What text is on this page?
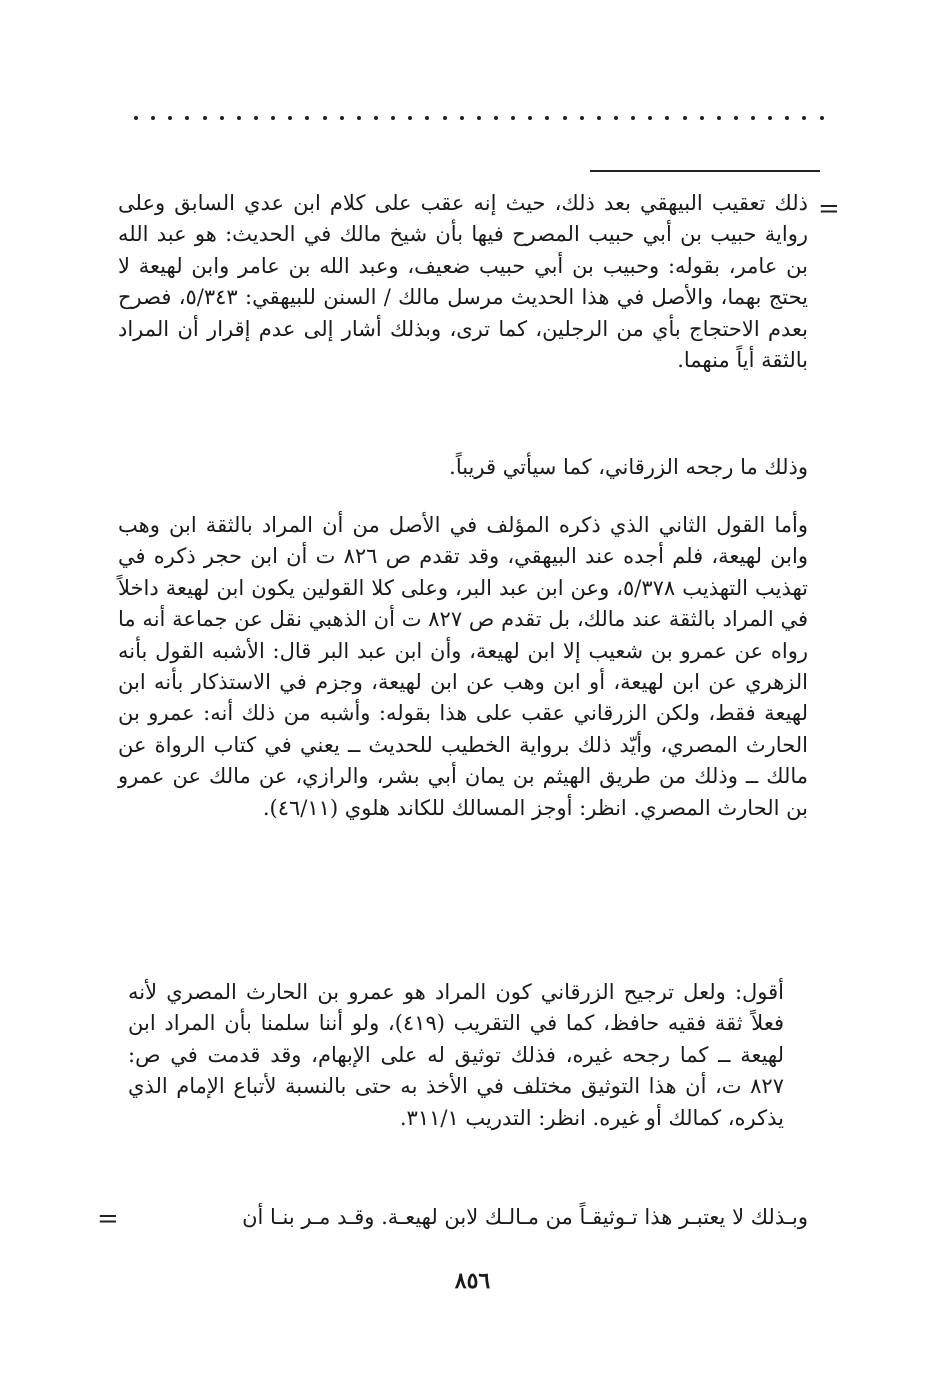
=
ذلك تعقيب البيهقي بعد ذلك، حيث إنه عقب على كلام ابن عدي السابق وعلى رواية حبيب بن أبي حبيب المصرح فيها بأن شيخ مالك في الحديث: هو عبد الله بن عامر، بقوله: وحبيب بن أبي حبيب ضعيف، وعبد الله بن عامر وابن لهيعة لا يحتج بهما، والأصل في هذا الحديث مرسل مالك / السنن للبيهقي: ٥/٣٤٣، فصرح بعدم الاحتجاج بأي من الرجلين، كما ترى، وبذلك أشار إلى عدم إقرار أن المراد بالثقة أياً منهما.
وذلك ما رجحه الزرقاني، كما سيأتي قريباً.
وأما القول الثاني الذي ذكره المؤلف في الأصل من أن المراد بالثقة ابن وهب وابن لهيعة، فلم أجده عند البيهقي، وقد تقدم ص ٨٢٦ ت أن ابن حجر ذكره في تهذيب التهذيب ٥/٣٧٨، وعن ابن عبد البر، وعلى كلا القولين يكون ابن لهيعة داخلاً في المراد بالثقة عند مالك، بل تقدم ص ٨٢٧ ت أن الذهبي نقل عن جماعة أنه ما رواه عن عمرو بن شعيب إلا ابن لهيعة، وأن ابن عبد البر قال: الأشبه القول بأنه الزهري عن ابن لهيعة، أو ابن وهب عن ابن لهيعة، وجزم في الاستذكار بأنه ابن لهيعة فقط، ولكن الزرقاني عقب على هذا بقوله: وأشبه من ذلك أنه: عمرو بن الحارث المصري، وأيّد ذلك برواية الخطيب للحديث ــ يعني في كتاب الرواة عن مالك ــ وذلك من طريق الهيثم بن يمان أبي بشر، والرازي، عن مالك عن عمرو بن الحارث المصري. انظر: أوجز المسالك للكاند هلوي (٤٦/١١).
أقول: ولعل ترجيح الزرقاني كون المراد هو عمرو بن الحارث المصري لأنه فعلاً ثقة فقيه حافظ، كما في التقريب (٤١٩)، ولو أننا سلمنا بأن المراد ابن لهيعة ــ كما رجحه غيره، فذلك توثيق له على الإبهام، وقد قدمت في ص: ٨٢٧ ت، أن هذا التوثيق مختلف في الأخذ به حتى بالنسبة لأتباع الإمام الذي يذكره، كمالك أو غيره. انظر: التدريب ٣١١/١.
وبـذلك لا يعتبـر هذا تـوثيقـاً من مـالـك لابن لهيعـة. وقـد مـر بنـا أن
=
٨٥٦
